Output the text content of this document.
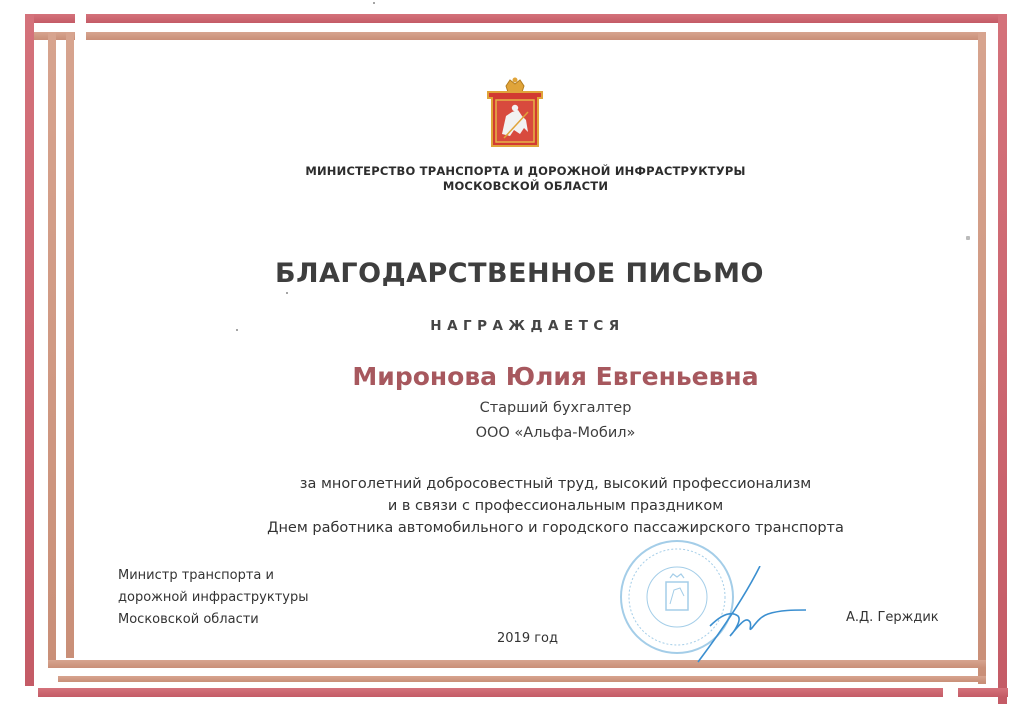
МИНИСТЕРСТВО ТРАНСПОРТА И ДОРОЖНОЙ ИНФРАСТРУКТУРЫ
МОСКОВСКОЙ ОБЛАСТИ
БЛАГОДАРСТВЕННОЕ ПИСЬМО
НАГРАЖДАЕТСЯ
Миронова Юлия Евгеньевна
Старший бухгалтер
ООО «Альфа-Мобил»
за многолетний добросовестный труд, высокий профессионализм
и в связи с профессиональным праздником
Днем работника автомобильного и городского пассажирского транспорта
Министр транспорта и
дорожной инфраструктуры
Московской области
2019 год
А.Д. Герждик
